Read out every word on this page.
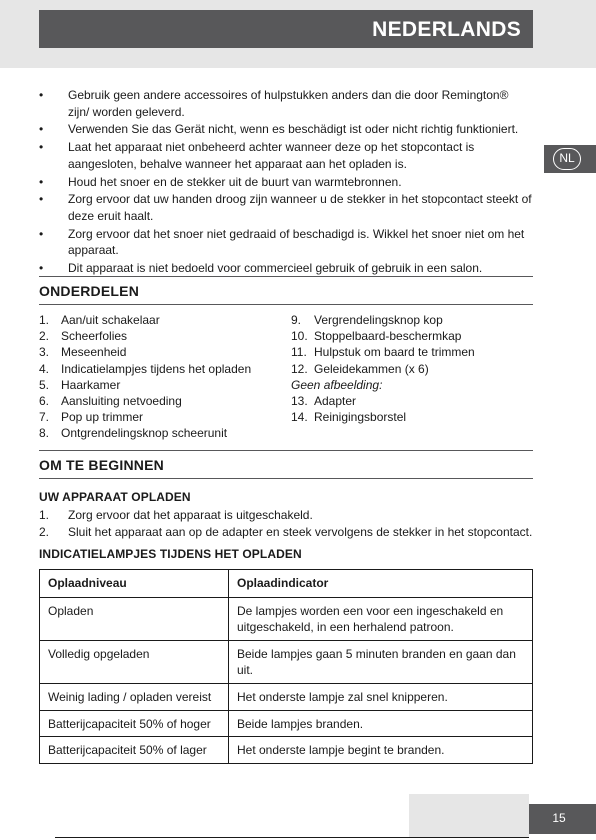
NEDERLANDS
NL
• Gebruik geen andere accessoires of hulpstukken anders dan die door Remington® zijn/ worden geleverd.
• Verwenden Sie das Gerät nicht, wenn es beschädigt ist oder nicht richtig funktioniert.
• Laat het apparaat niet onbeheerd achter wanneer deze op het stopcontact is aangesloten, behalve wanneer het apparaat aan het opladen is.
• Houd het snoer en de stekker uit de buurt van warmtebronnen.
• Zorg ervoor dat uw handen droog zijn wanneer u de stekker in het stopcontact steekt of deze eruit haalt.
• Zorg ervoor dat het snoer niet gedraaid of beschadigd is. Wikkel het snoer niet om het apparaat.
• Dit apparaat is niet bedoeld voor commercieel gebruik of gebruik in een salon.
ONDERDELEN
1. Aan/uit schakelaar
2. Scheerfolies
3. Meseenheid
4. Indicatielampjes tijdens het opladen
5. Haarkamer
6. Aansluiting netvoeding
7. Pop up trimmer
8. Ontgrendelingsknop scheerunit
9. Vergrendelingsknop kop
10. Stoppelbaard-beschermkap
11. Hulpstuk om baard te trimmen
12. Geleidekammen (x 6)
Geen afbeelding:
13. Adapter
14. Reinigingsborstel
OM TE BEGINNEN
UW APPARAAT OPLADEN
1. Zorg ervoor dat het apparaat is uitgeschakeld.
2. Sluit het apparaat aan op de adapter en steek vervolgens de stekker in het stopcontact.
INDICATIELAMPJES TIJDENS HET OPLADEN
Oplaadniveau	Oplaadindicator
Opladen	De lampjes worden een voor een ingeschakeld en uitgeschakeld, in een herhalend patroon.
Volledig opgeladen	Beide lampjes gaan 5 minuten branden en gaan dan uit.
Weinig lading / opladen vereist	Het onderste lampje zal snel knipperen.
Batterijcapaciteit 50% of hoger	Beide lampjes branden.
Batterijcapaciteit 50% of lager	Het onderste lampje begint te branden.
15
